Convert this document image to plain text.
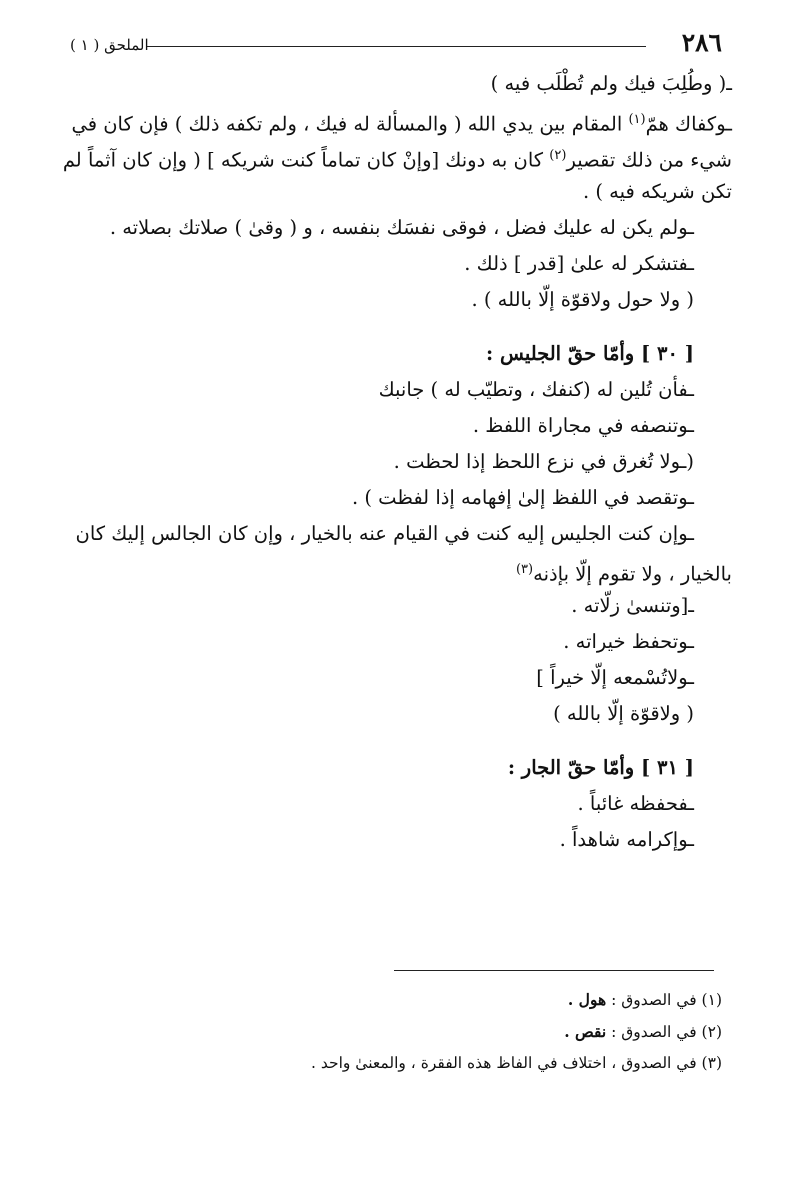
٢٨٦
الملحق ( ١ )
ـ( وطُلِبَ فيك ولم تُطْلَب فيه )
ـوكفاك همّ$^{(١)}$ المقام بين يدي الله ( والمسألة له فيك ، ولم تكفه ذلك ) فإن كان في
شيء من ذلك تقصير$^{(٢)}$ كان به دونك [وإنْ كان تماماً كنت شريكه ] ( وإن كان آثماً لم
تكن شريكه فيه ) .
ـولم يكن له عليك فضل ، فوقى نفسَك بنفسه ، و ( وقىٰ ) صلاتك بصلاته .
ـفتشكر له علىٰ [قدر ] ذلك .
( ولا حول ولاقوّة إلّا بالله ) .
[ ٣٠ ] وأمّا حقّ الجليس :
ـفأن تُلين له (كنفك ، وتطيّب له ) جانبك
ـوتنصفه في مجاراة اللفظ .
(ـولا تُغرق في نزع اللحظ إذا لحظت .
ـوتقصد في اللفظ إلىٰ إفهامه إذا لفظت ) .
ـوإن كنت الجليس إليه كنت في القيام عنه بالخيار ، وإن كان الجالس إليك كان
بالخيار ، ولا تقوم إلّا بإذنه$^{(٣)}$
ـ[وتنسىٰ زلّاته .
ـوتحفظ خيراته .
ـولاتُسْمعه إلّا خيراً ]
( ولاقوّة إلّا بالله )
[ ٣١ ] وأمّا حقّ الجار :
ـفحفظه غائباً .
ـوإكرامه شاهداً .
(١) في الصدوق : هول .
(٢) في الصدوق : نقص .
(٣) في الصدوق ، اختلاف في الفاظ هذه الفقرة ، والمعنىٰ واحد .
